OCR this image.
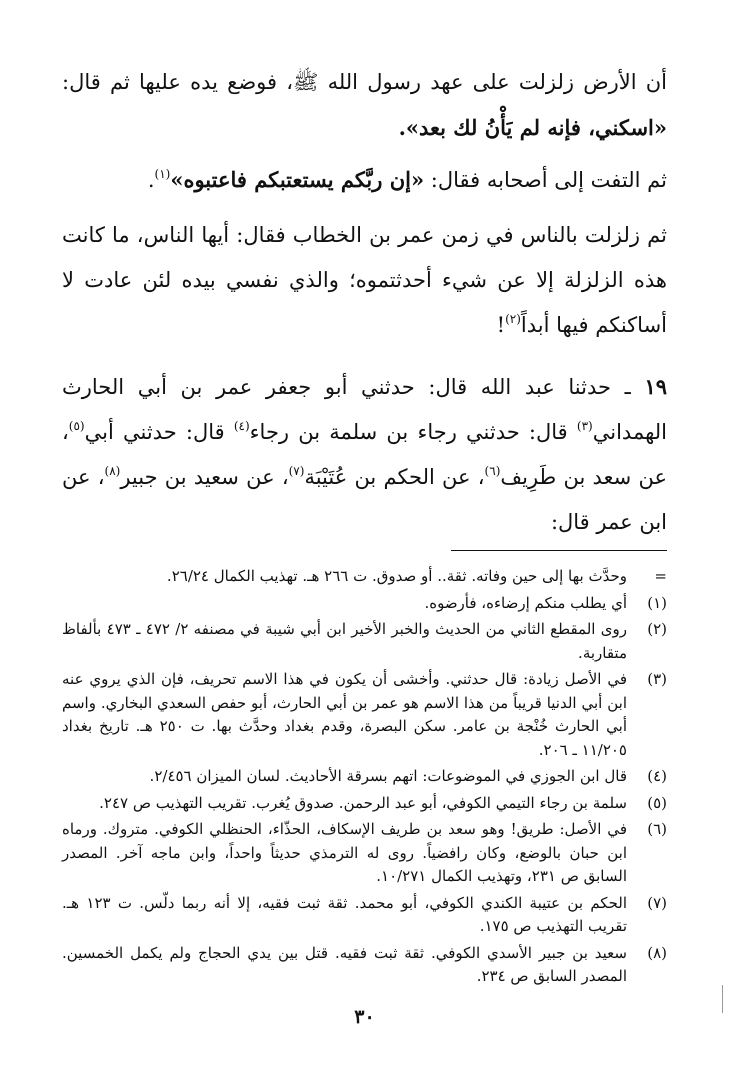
أن الأرض زلزلت على عهد رسول الله ﷺ، فوضع يده عليها ثم قال: «اسكني، فإنه لم يَأْنُ لك بعد».

ثم التفت إلى أصحابه فقال: «إن ربَّكم يستعتبكم فاعتبوه»$^{(١)}$.

ثم زلزلت بالناس في زمن عمر بن الخطاب فقال: أيها الناس، ما كانت هذه الزلزلة إلا عن شيء أحدثتموه؛ والذي نفسي بيده لئن عادت لا أساكنكم فيها أبداً$^{(٢)}$!

١٩ ـ حدثنا عبد الله قال: حدثني أبو جعفر عمر بن أبي الحارث الهمداني$^{(٣)}$ قال: حدثني رجاء بن سلمة بن رجاء$^{(٤)}$ قال: حدثني أبي$^{(٥)}$، عن سعد بن طَرِيف$^{(٦)}$، عن الحكم بن عُتَيْبَة$^{(٧)}$، عن سعيد بن جبير$^{(٨)}$، عن ابن عمر قال:

=
وحدَّث بها إلى حين وفاته. ثقة.. أو صدوق. ت ٢٦٦ هـ. تهذيب الكمال ٢٦/٢٤.
(١)
أي يطلب منكم إرضاءه، فأرضوه.
(٢)
روى المقطع الثاني من الحديث والخبر الأخير ابن أبي شيبة في مصنفه ٢/ ٤٧٢ ـ ٤٧٣ بألفاظ متقاربة.
(٣)
في الأصل زيادة: قال حدثني. وأخشى أن يكون في هذا الاسم تحريف، فإن الذي يروي عنه ابن أبي الدنيا قريباً من هذا الاسم هو عمر بن أبي الحارث، أبو حفص السعدي البخاري. واسم أبي الحارث خُنْجة بن عامر. سكن البصرة، وقدم بغداد وحدَّث بها. ت ٢٥٠ هـ. تاريخ بغداد ١١/٢٠٥ ـ ٢٠٦.
(٤)
قال ابن الجوزي في الموضوعات: اتهم بسرقة الأحاديث. لسان الميزان ٢/٤٥٦.
(٥)
سلمة بن رجاء التيمي الكوفي، أبو عبد الرحمن. صدوق يُغرب. تقريب التهذيب ص ٢٤٧.
(٦)
في الأصل: طريق! وهو سعد بن طريف الإسكاف، الحذّاء، الحنظلي الكوفي. متروك. ورماه ابن حبان بالوضع، وكان رافضياً. روى له الترمذي حديثاً واحداً، وابن ماجه آخر. المصدر السابق ص ٢٣١، وتهذيب الكمال ١٠/٢٧١.
(٧)
الحكم بن عتيبة الكندي الكوفي، أبو محمد. ثقة ثبت فقيه، إلا أنه ربما دلّس. ت ١٢٣ هـ. تقريب التهذيب ص ١٧٥.
(٨)
سعيد بن جبير الأسدي الكوفي. ثقة ثبت فقيه. قتل بين يدي الحجاج ولم يكمل الخمسين. المصدر السابق ص ٢٣٤.
٣٠
